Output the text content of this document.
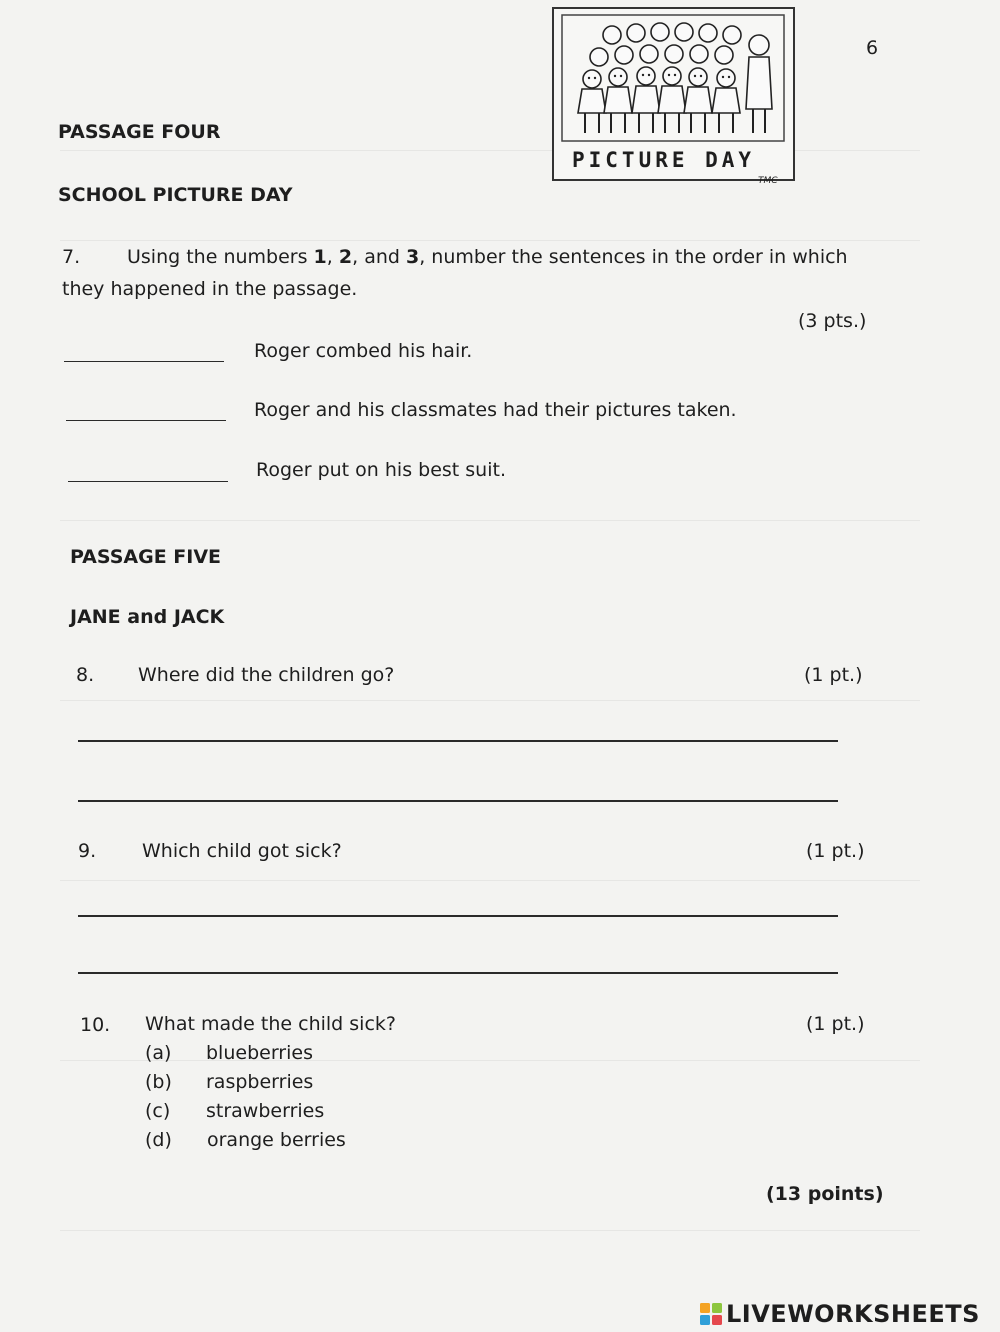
6
PICTURE DAY
TMC
PASSAGE FOUR
SCHOOL PICTURE DAY
7. Using the numbers 1, 2, and 3, number the sentences in the order in which
they happened in the passage.
(3 pts.)
Roger combed his hair.
Roger and his classmates had their pictures taken.
Roger put on his best suit.
PASSAGE FIVE
JANE and JACK
8. Where did the children go?	(1 pt.)
9. Which child got sick?	(1 pt.)
10. What made the child sick?	(1 pt.)
(a) blueberries
(b) raspberries
(c) strawberries
(d) orange berries
(13 points)
LIVEWORKSHEETS
